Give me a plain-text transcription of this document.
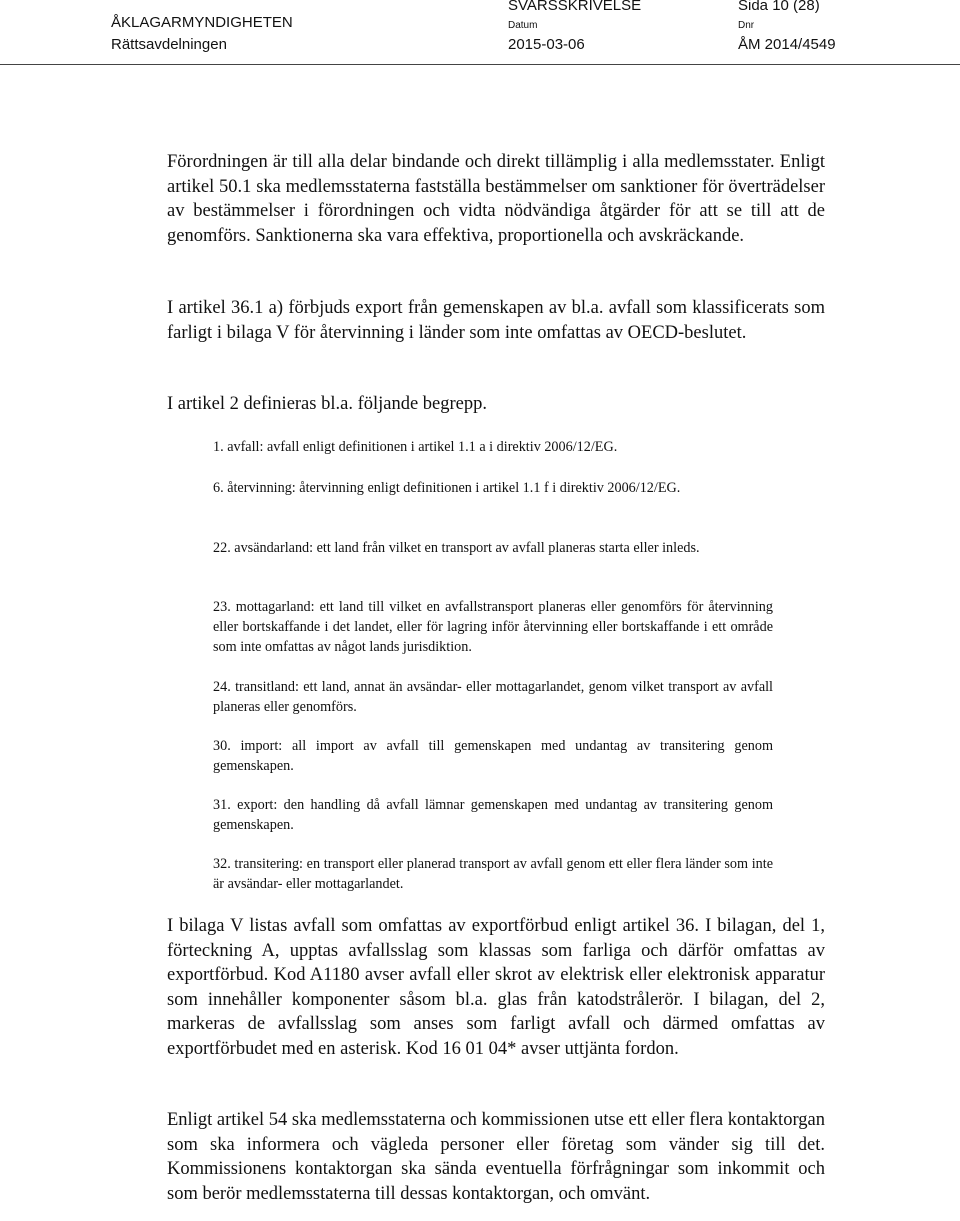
ÅKLAGARMYNDIGHETEN
Rättsavdelningen
SVARSSKRIVELSE	Sida 10 (28)
Datum
2015-03-06
Dnr
ÅM 2014/4549

Förordningen är till alla delar bindande och direkt tillämplig i alla medlemsstater. Enligt artikel 50.1 ska medlemsstaterna fastställa bestämmelser om sanktioner för överträdelser av bestämmelser i förordningen och vidta nödvändiga åtgärder för att se till att de genomförs. Sanktionerna ska vara effektiva, proportionella och avskräckande.

I artikel 36.1 a) förbjuds export från gemenskapen av bl.a. avfall som klassificerats som farligt i bilaga V för återvinning i länder som inte omfattas av OECD-beslutet.

I artikel 2 definieras bl.a. följande begrepp.

1. avfall: avfall enligt definitionen i artikel 1.1 a i direktiv 2006/12/EG.

6. återvinning: återvinning enligt definitionen i artikel 1.1 f i direktiv 2006/12/EG.

22. avsändarland: ett land från vilket en transport av avfall planeras starta eller inleds.

23. mottagarland: ett land till vilket en avfallstransport planeras eller genomförs för återvinning eller bortskaffande i det landet, eller för lagring inför återvinning eller bortskaffande i ett område som inte omfattas av något lands jurisdiktion.

24. transitland: ett land, annat än avsändar- eller mottagarlandet, genom vilket transport av avfall planeras eller genomförs.

30. import: all import av avfall till gemenskapen med undantag av transitering genom gemenskapen.

31. export: den handling då avfall lämnar gemenskapen med undantag av transitering genom gemenskapen.

32. transitering: en transport eller planerad transport av avfall genom ett eller flera länder som inte är avsändar- eller mottagarlandet.

I bilaga V listas avfall som omfattas av exportförbud enligt artikel 36. I bilagan, del 1, förteckning A, upptas avfallsslag som klassas som farliga och därför omfattas av exportförbud. Kod A1180 avser avfall eller skrot av elektrisk eller elektronisk apparatur som innehåller komponenter såsom bl.a. glas från katodstrålerör. I bilagan, del 2, markeras de avfallsslag som anses som farligt avfall och därmed omfattas av exportförbudet med en asterisk. Kod 16 01 04* avser uttjänta fordon.

Enligt artikel 54 ska medlemsstaterna och kommissionen utse ett eller flera kontaktorgan som ska informera och vägleda personer eller företag som vänder sig till det. Kommissionens kontaktorgan ska sända eventuella förfrågningar som inkommit och som berör medlemsstaterna till dessas kontaktorgan, och omvänt.
